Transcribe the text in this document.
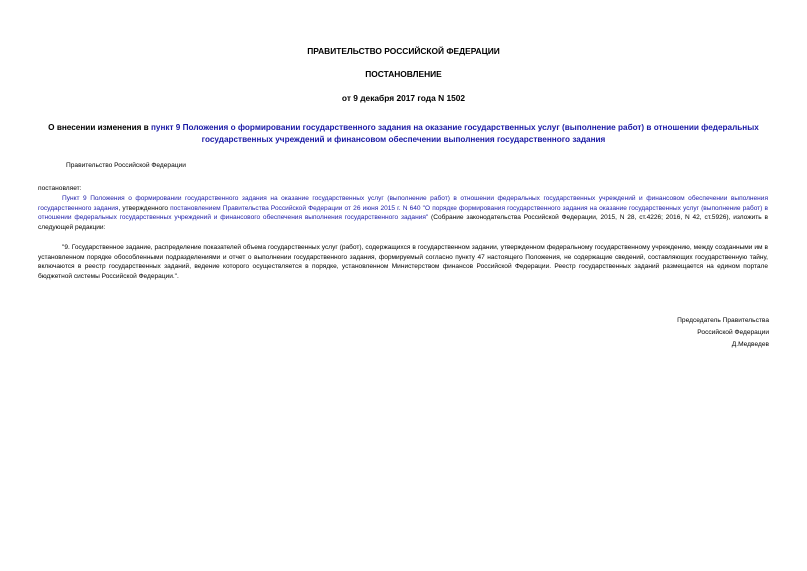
ПРАВИТЕЛЬСТВО РОССИЙСКОЙ ФЕДЕРАЦИИ
ПОСТАНОВЛЕНИЕ
от 9 декабря 2017 года N 1502
О внесении изменения в пункт 9 Положения о формировании государственного задания на оказание государственных услуг (выполнение работ) в отношении федеральных государственных учреждений и финансовом обеспечении выполнения государственного задания
Правительство Российской Федерации
постановляет:
Пункт 9 Положения о формировании государственного задания на оказание государственных услуг (выполнение работ) в отношении федеральных государственных учреждений и финансовом обеспечении выполнения государственного задания, утвержденного постановлением Правительства Российской Федерации от 26 июня 2015 г. N 640 "О порядке формирования государственного задания на оказание государственных услуг (выполнение работ) в отношении федеральных государственных учреждений и финансового обеспечения выполнения государственного задания" (Собрание законодательства Российской Федерации, 2015, N 28, ст.4226; 2016, N 42, ст.5926), изложить в следующей редакции:
"9. Государственное задание, распределение показателей объема государственных услуг (работ), содержащихся в государственном задании, утвержденном федеральному государственному учреждению, между созданными им в установленном порядке обособленными подразделениями и отчет о выполнении государственного задания, формируемый согласно пункту 47 настоящего Положения, не содержащие сведений, составляющих государственную тайну, включаются в реестр государственных заданий, ведение которого осуществляется в порядке, установленном Министерством финансов Российской Федерации. Реестр государственных заданий размещается на едином портале бюджетной системы Российской Федерации.".
Председатель Правительства
Российской Федерации
Д.Медведев
